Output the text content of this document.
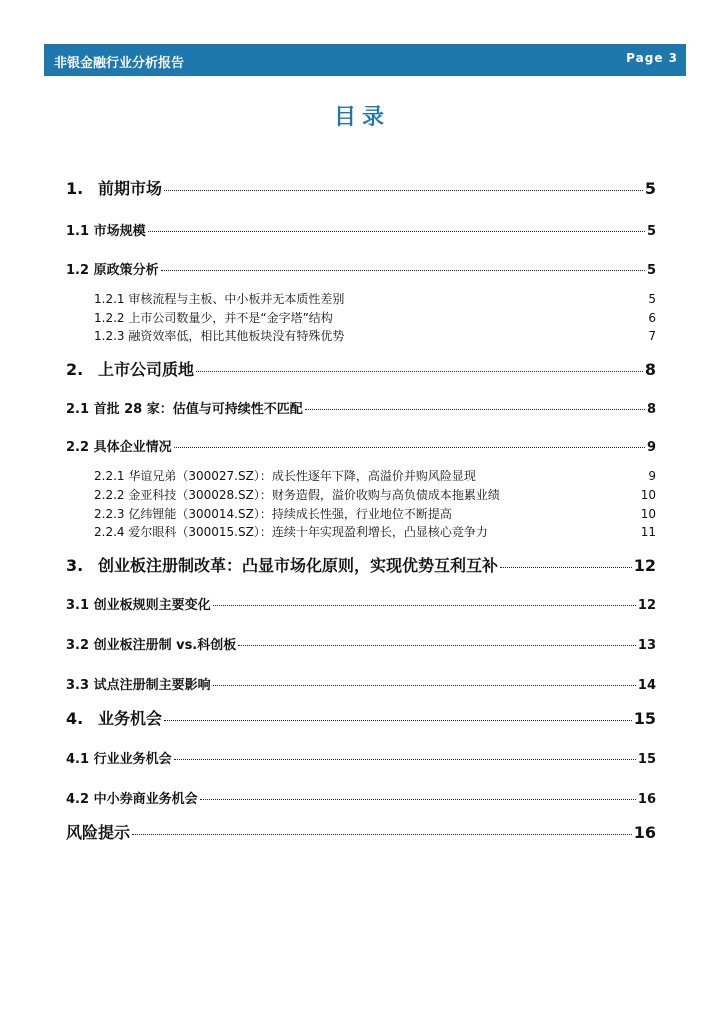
非银金融行业分析报告	Page 3
目录
1. 前期市场	5
1.1 市场规模	5
1.2 原政策分析	5
1.2.1 审核流程与主板、中小板并无本质性差别	5
1.2.2 上市公司数量少，并不是“金字塔”结构	6
1.2.3 融资效率低，相比其他板块没有特殊优势	7
2. 上市公司质地	8
2.1 首批 28 家：估值与可持续性不匹配	8
2.2 具体企业情况	9
2.2.1 华谊兄弟（300027.SZ）：成长性逐年下降，高溢价并购风险显现	9
2.2.2 金亚科技（300028.SZ）：财务造假，溢价收购与高负债成本拖累业绩	10
2.2.3 亿纬锂能（300014.SZ）：持续成长性强，行业地位不断提高	10
2.2.4 爱尔眼科（300015.SZ）：连续十年实现盈利增长，凸显核心竞争力	11
3. 创业板注册制改革：凸显市场化原则，实现优势互利互补	12
3.1 创业板规则主要变化	12
3.2 创业板注册制 vs.科创板	13
3.3 试点注册制主要影响	14
4. 业务机会	15
4.1 行业业务机会	15
4.2 中小券商业务机会	16
风险提示	16
